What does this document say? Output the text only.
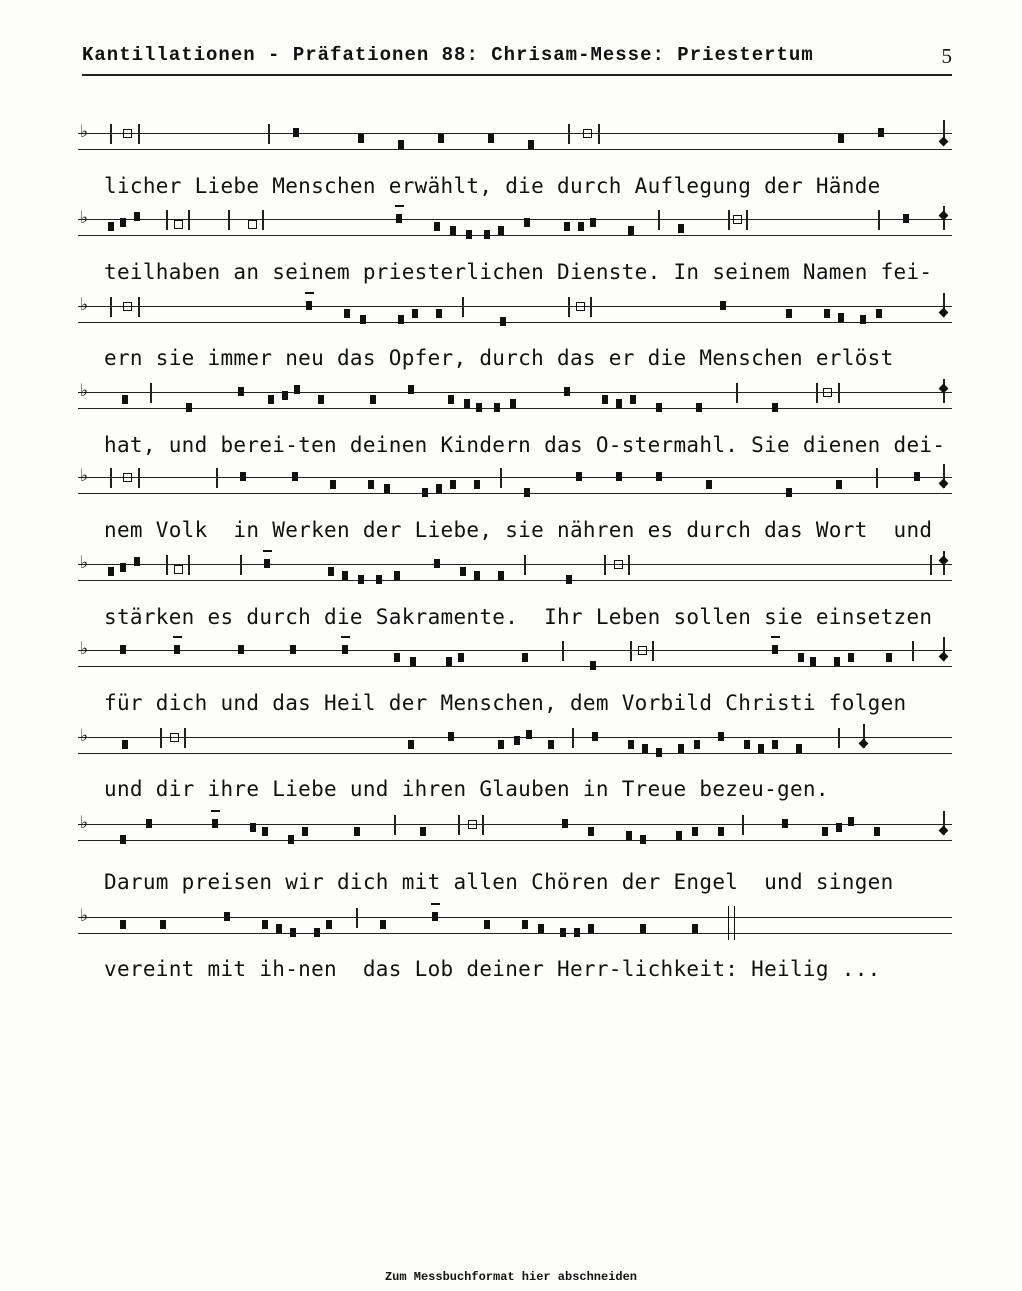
Kantillationen - Präfationen 88: Chrisam-Messe: Priestertum	5
♭
licher Liebe Menschen erwählt, die durch Auflegung der Hände
♭
teilhaben an seinem priesterlichen Dienste. In seinem Namen fei-
♭
ern sie immer neu das Opfer, durch das er die Menschen erlöst
♭
hat, und berei-ten deinen Kindern das O-stermahl. Sie dienen dei-
♭
nem Volk  in Werken der Liebe, sie nähren es durch das Wort  und
♭
stärken es durch die Sakramente.  Ihr Leben sollen sie einsetzen
♭
für dich und das Heil der Menschen, dem Vorbild Christi folgen
♭
und dir ihre Liebe und ihren Glauben in Treue bezeu-gen.
♭
Darum preisen wir dich mit allen Chören der Engel  und singen
♭
vereint mit ih-nen  das Lob deiner Herr-lichkeit: Heilig ...
Zum Messbuchformat hier abschneiden
